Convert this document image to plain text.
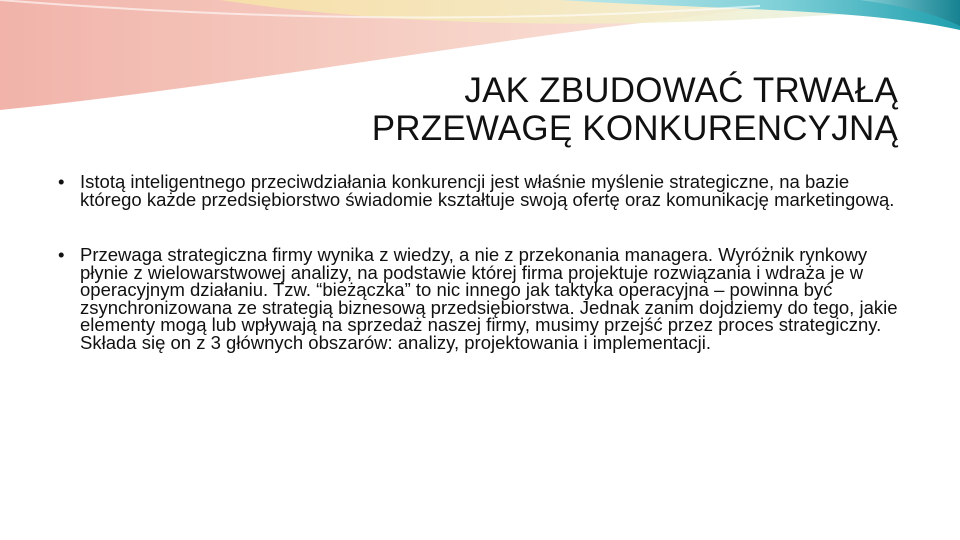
JAK ZBUDOWAĆ TRWAŁĄ
PRZEWAGĘ KONKURENCYJNĄ
• Istotą inteligentnego przeciwdziałania konkurencji jest właśnie myślenie strategiczne, na bazie którego każde przedsiębiorstwo świadomie kształtuje swoją ofertę oraz komunikację marketingową.
• Przewaga strategiczna firmy wynika z wiedzy, a nie z przekonania managera. Wyróżnik rynkowy płynie z wielowarstwowej analizy, na podstawie której firma projektuje rozwiązania i wdraża je w operacyjnym działaniu. Tzw. “bieżączka” to nic innego jak taktyka operacyjna – powinna być zsynchronizowana ze strategią biznesową przedsiębiorstwa. Jednak zanim dojdziemy do tego, jakie elementy mogą lub wpływają na sprzedaż naszej firmy, musimy przejść przez proces strategiczny. Składa się on z 3 głównych obszarów: analizy, projektowania i implementacji.
